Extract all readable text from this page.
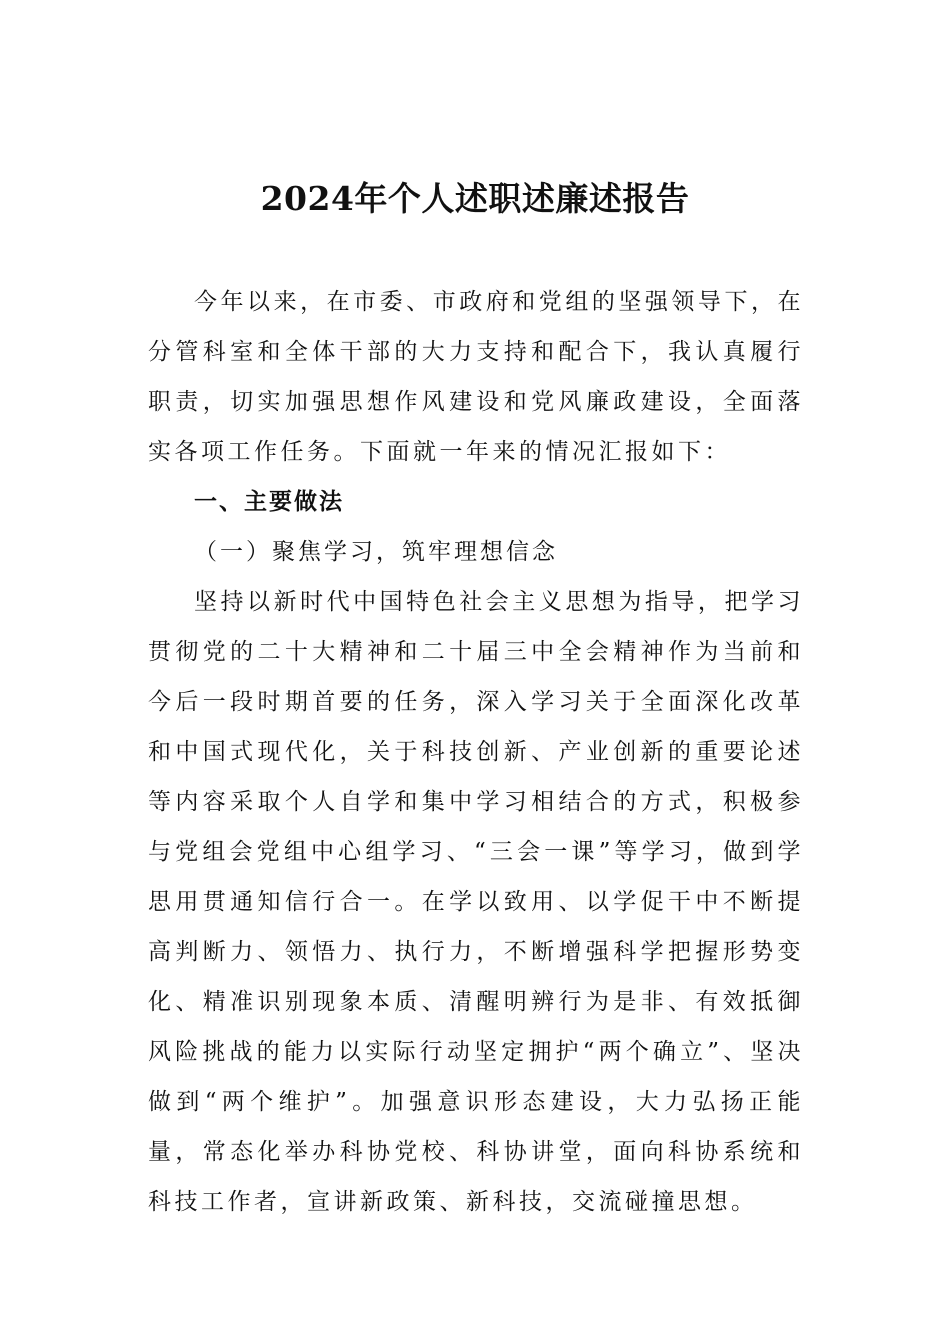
2024年个人述职述廉述报告

今年以来，在市委、市政府和党组的坚强领导下，在分管科室和全体干部的大力支持和配合下，我认真履行职责，切实加强思想作风建设和党风廉政建设，全面落实各项工作任务。下面就一年来的情况汇报如下：

一、主要做法

（一）聚焦学习，筑牢理想信念

坚持以新时代中国特色社会主义思想为指导，把学习贯彻党的二十大精神和二十届三中全会精神作为当前和今后一段时期首要的任务，深入学习关于全面深化改革和中国式现代化，关于科技创新、产业创新的重要论述等内容采取个人自学和集中学习相结合的方式，积极参与党组会党组中心组学习、“三会一课”等学习，做到学思用贯通知信行合一。在学以致用、以学促干中不断提高判断力、领悟力、执行力，不断增强科学把握形势变化、精准识别现象本质、清醒明辨行为是非、有效抵御风险挑战的能力以实际行动坚定拥护“两个确立”、坚决做到“两个维护”。加强意识形态建设，大力弘扬正能量，常态化举办科协党校、科协讲堂，面向科协系统和科技工作者，宣讲新政策、新科技，交流碰撞思想。
